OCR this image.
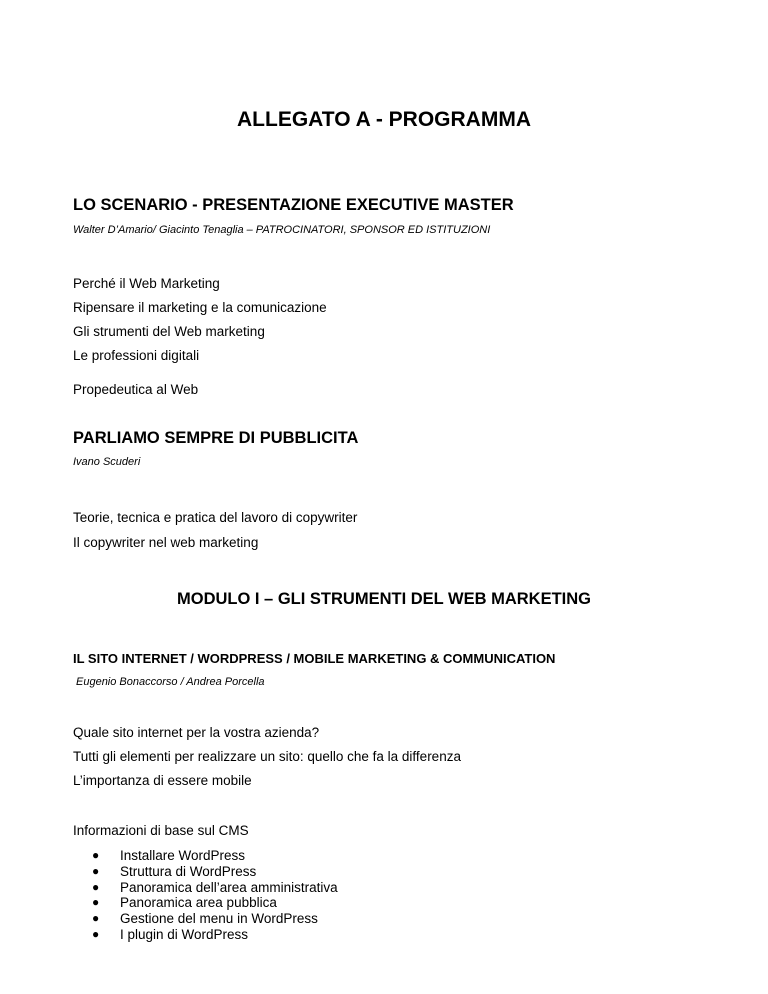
ALLEGATO A - PROGRAMMA
LO SCENARIO - PRESENTAZIONE EXECUTIVE MASTER
Walter D’Amario/ Giacinto Tenaglia – PATROCINATORI, SPONSOR ED ISTITUZIONI
Perché il Web Marketing
Ripensare il marketing e la comunicazione
Gli strumenti del Web marketing
Le professioni digitali
Propedeutica al Web
PARLIAMO SEMPRE DI PUBBLICITA
Ivano Scuderi
Teorie, tecnica e pratica del lavoro di copywriter
Il copywriter nel web marketing
MODULO I – GLI STRUMENTI DEL WEB MARKETING
IL SITO INTERNET / WORDPRESS / MOBILE MARKETING & COMMUNICATION
Eugenio Bonaccorso / Andrea Porcella
Quale sito internet per la vostra azienda?
Tutti gli elementi per realizzare un sito: quello che fa la differenza
L’importanza di essere mobile
Informazioni di base sul CMS
● Installare WordPress
● Struttura di WordPress
● Panoramica dell’area amministrativa
● Panoramica area pubblica
● Gestione del menu in WordPress
● I plugin di WordPress
